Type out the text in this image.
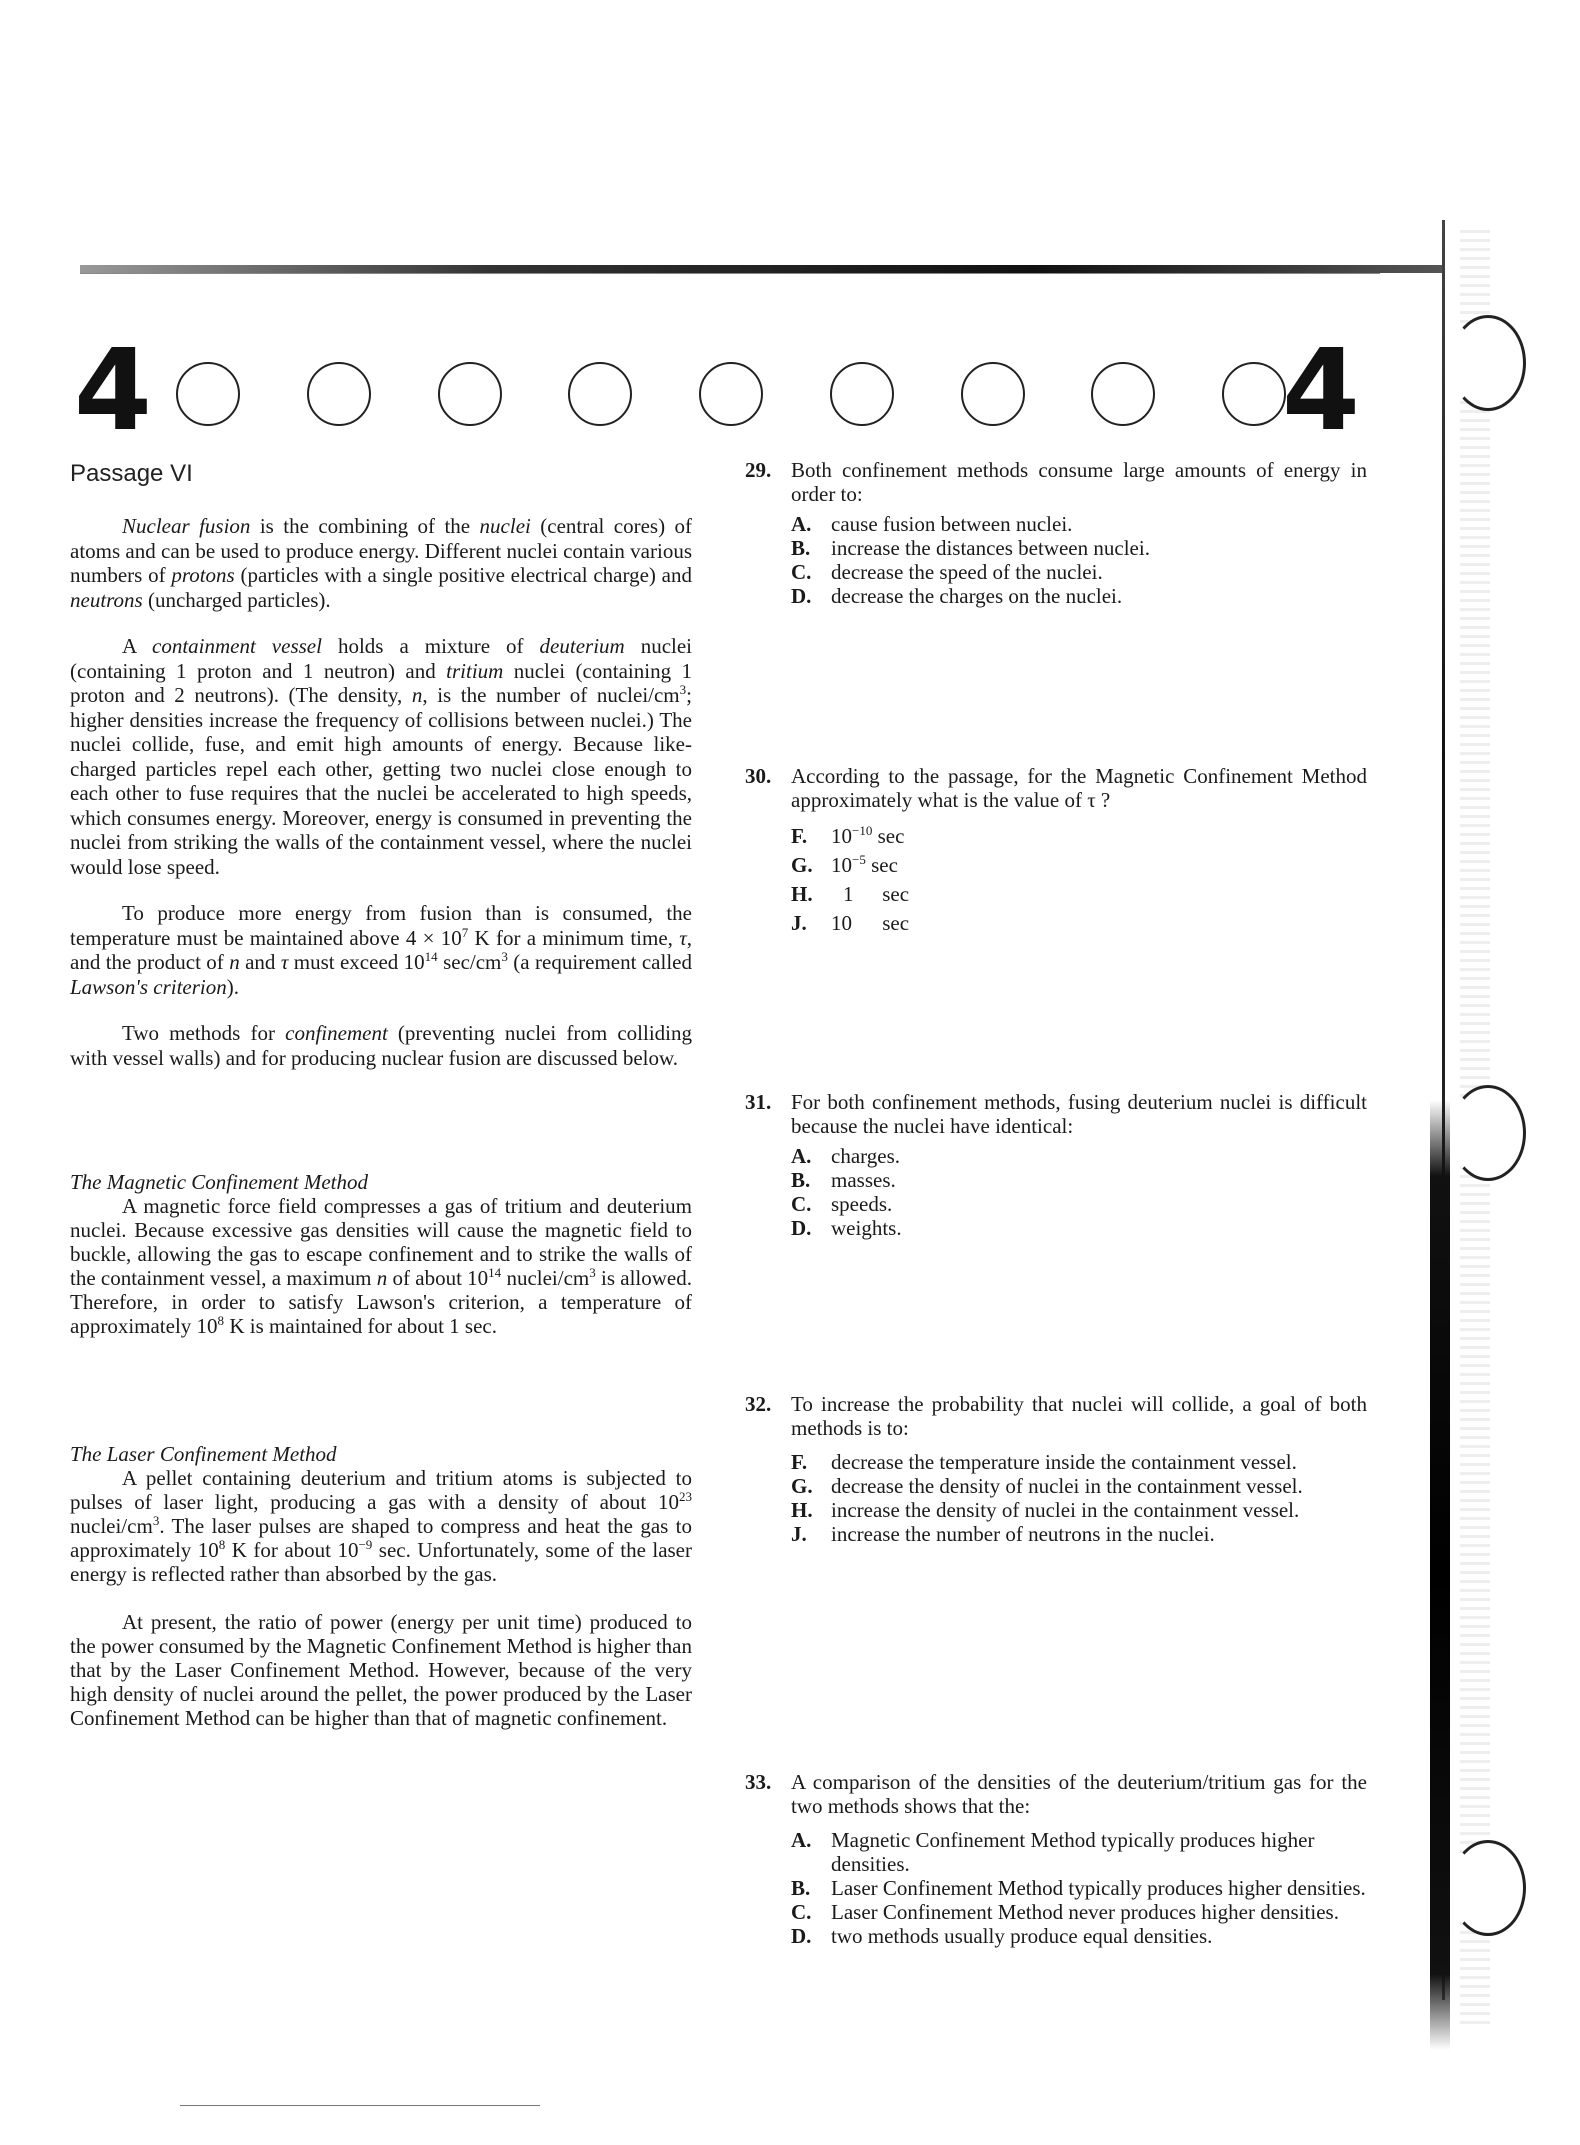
4	4
Passage VI

Nuclear fusion is the combining of the nuclei (central cores) of atoms and can be used to produce energy. Different nuclei contain various numbers of protons (particles with a single positive electrical charge) and neutrons (uncharged particles).

A containment vessel holds a mixture of deuterium nuclei (containing 1 proton and 1 neutron) and tritium nuclei (containing 1 proton and 2 neutrons). (The density, n, is the number of nuclei/$cm^3$; higher densities increase the frequency of collisions between nuclei.) The nuclei collide, fuse, and emit high amounts of energy. Because like-charged particles repel each other, getting two nuclei close enough to each other to fuse requires that the nuclei be accelerated to high speeds, which consumes energy. Moreover, energy is consumed in preventing the nuclei from striking the walls of the containment vessel, where the nuclei would lose speed.

To produce more energy from fusion than is consumed, the temperature must be maintained above $4 \times 10^7$ K for a minimum time, τ, and the product of n and τ must exceed $10^{14}$ $\sec/cm^3$ (a requirement called Lawson's criterion).

Two methods for confinement (preventing nuclei from colliding with vessel walls) and for producing nuclear fusion are discussed below.

The Magnetic Confinement Method

A magnetic force field compresses a gas of tritium and deuterium nuclei. Because excessive gas densities will cause the magnetic field to buckle, allowing the gas to escape confinement and to strike the walls of the containment vessel, a maximum n of about $10^{14}$ nuclei/$cm^3$ is allowed. Therefore, in order to satisfy Lawson's criterion, a temperature of approximately $10^8$ K is maintained for about 1 sec.

The Laser Confinement Method

A pellet containing deuterium and tritium atoms is subjected to pulses of laser light, producing a gas with a density of about $10^{23}$ nuclei/$cm^3$. The laser pulses are shaped to compress and heat the gas to approximately $10^8$ K for about $10^{-9}$ sec. Unfortunately, some of the laser energy is reflected rather than absorbed by the gas.

At present, the ratio of power (energy per unit time) produced to the power consumed by the Magnetic Confinement Method is higher than that by the Laser Confinement Method. However, because of the very high density of nuclei around the pellet, the power produced by the Laser Confinement Method can be higher than that of magnetic confinement.

29. Both confinement methods consume large amounts of energy in order to:
A. cause fusion between nuclei.
B. increase the distances between nuclei.
C. decrease the speed of the nuclei.
D. decrease the charges on the nuclei.
30. According to the passage, for the Magnetic Confinement Method approximately what is the value of τ ?
F.	$10^{-10}$ sec
G. $10^{-5}$ sec
H.	1 sec
J.	10 sec
31. For both confinement methods, fusing deuterium nuclei is difficult because the nuclei have identical:
A. charges.
B. masses.
C. speeds.
D. weights.
32. To increase the probability that nuclei will collide, a goal of both methods is to:
F.	decrease the temperature inside the containment vessel.
G. decrease the density of nuclei in the containment vessel.
H. increase the density of nuclei in the containment vessel.
J.	increase the number of neutrons in the nuclei.
33. A comparison of the densities of the deuterium/tritium gas for the two methods shows that the:
A. Magnetic Confinement Method typically produces higher densities.
B. Laser Confinement Method typically produces higher densities.
C. Laser Confinement Method never produces higher densities.
D. two methods usually produce equal densities.
